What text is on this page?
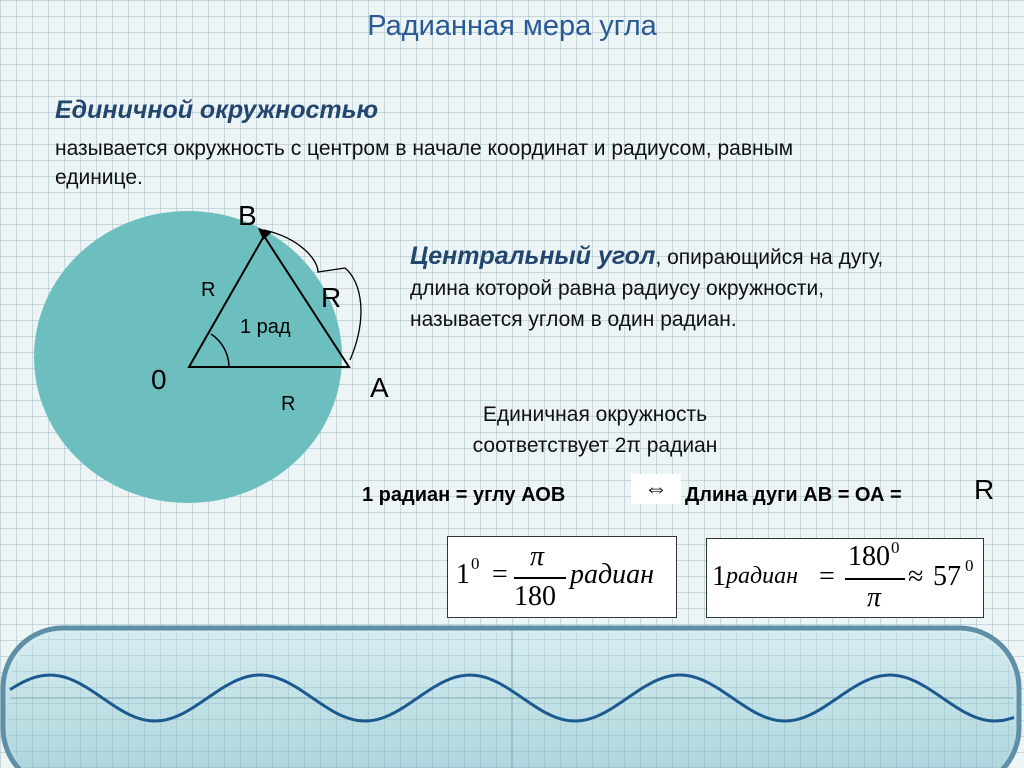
Радианная мера угла
Единичной окружностью
называется окружность с центром в начале координат и радиусом, равным единице.
B
A
0
R	R
R
1 рад
Центральный угол, опирающийся на дугу, длина которой равна радиусу окружности, называется углом в один радиан.
Единичная окружность соответствует 2π радиан
1 радиан = углу АОВ	⇔ Длина дуги АВ = ОА =	R
1 0 =
π
180
радиан 1 радиан =
180 0
π
≈ 57 0
